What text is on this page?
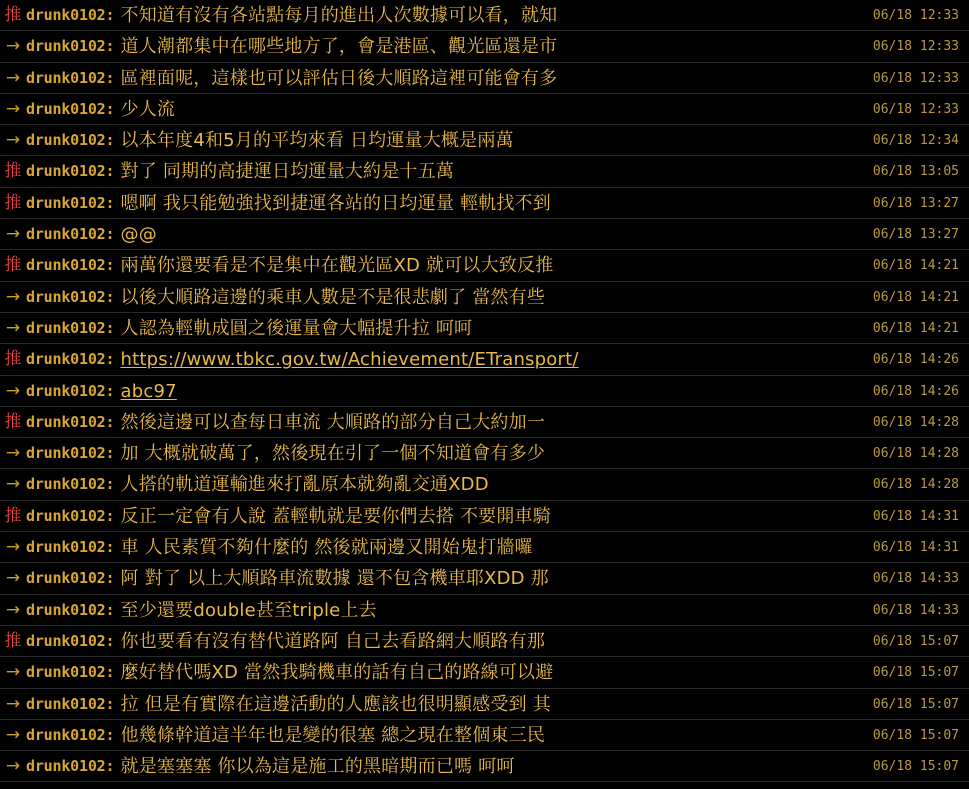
推 drunk0102: 不知道有沒有各站點每月的進出人次數據可以看，就知	06/18 12:33
→ drunk0102: 道人潮都集中在哪些地方了，會是港區、觀光區還是市	06/18 12:33
→ drunk0102: 區裡面呢，這樣也可以評估日後大順路這裡可能會有多	06/18 12:33
→ drunk0102: 少人流	06/18 12:33
→ drunk0102: 以本年度4和5月的平均來看 日均運量大概是兩萬	06/18 12:34
推 drunk0102: 對了 同期的高捷運日均運量大約是十五萬	06/18 13:05
推 drunk0102: 嗯啊 我只能勉強找到捷運各站的日均運量 輕軌找不到	06/18 13:27
→ drunk0102: @@	06/18 13:27
推 drunk0102: 兩萬你還要看是不是集中在觀光區XD 就可以大致反推	06/18 14:21
→ drunk0102: 以後大順路這邊的乘車人數是不是很悲劇了 當然有些	06/18 14:21
→ drunk0102: 人認為輕軌成圓之後運量會大幅提升拉 呵呵	06/18 14:21
推 drunk0102: https://www.tbkc.gov.tw/Achievement/ETransport/	06/18 14:26
→ drunk0102: abc97	06/18 14:26
推 drunk0102: 然後這邊可以查每日車流 大順路的部分自己大約加一	06/18 14:28
→ drunk0102: 加 大概就破萬了，然後現在引了一個不知道會有多少	06/18 14:28
→ drunk0102: 人搭的軌道運輸進來打亂原本就夠亂交通XDD	06/18 14:28
推 drunk0102: 反正一定會有人說 蓋輕軌就是要你們去搭 不要開車騎	06/18 14:31
→ drunk0102: 車 人民素質不夠什麼的 然後就兩邊又開始鬼打牆囉	06/18 14:31
→ drunk0102: 阿 對了 以上大順路車流數據 還不包含機車耶XDD 那	06/18 14:33
→ drunk0102: 至少還要double甚至triple上去	06/18 14:33
推 drunk0102: 你也要看有沒有替代道路阿 自己去看路網大順路有那	06/18 15:07
→ drunk0102: 麼好替代嗎XD 當然我騎機車的話有自己的路線可以避	06/18 15:07
→ drunk0102: 拉 但是有實際在這邊活動的人應該也很明顯感受到 其	06/18 15:07
→ drunk0102: 他幾條幹道這半年也是變的很塞 總之現在整個東三民	06/18 15:07
→ drunk0102: 就是塞塞塞 你以為這是施工的黑暗期而已嗎 呵呵	06/18 15:07
